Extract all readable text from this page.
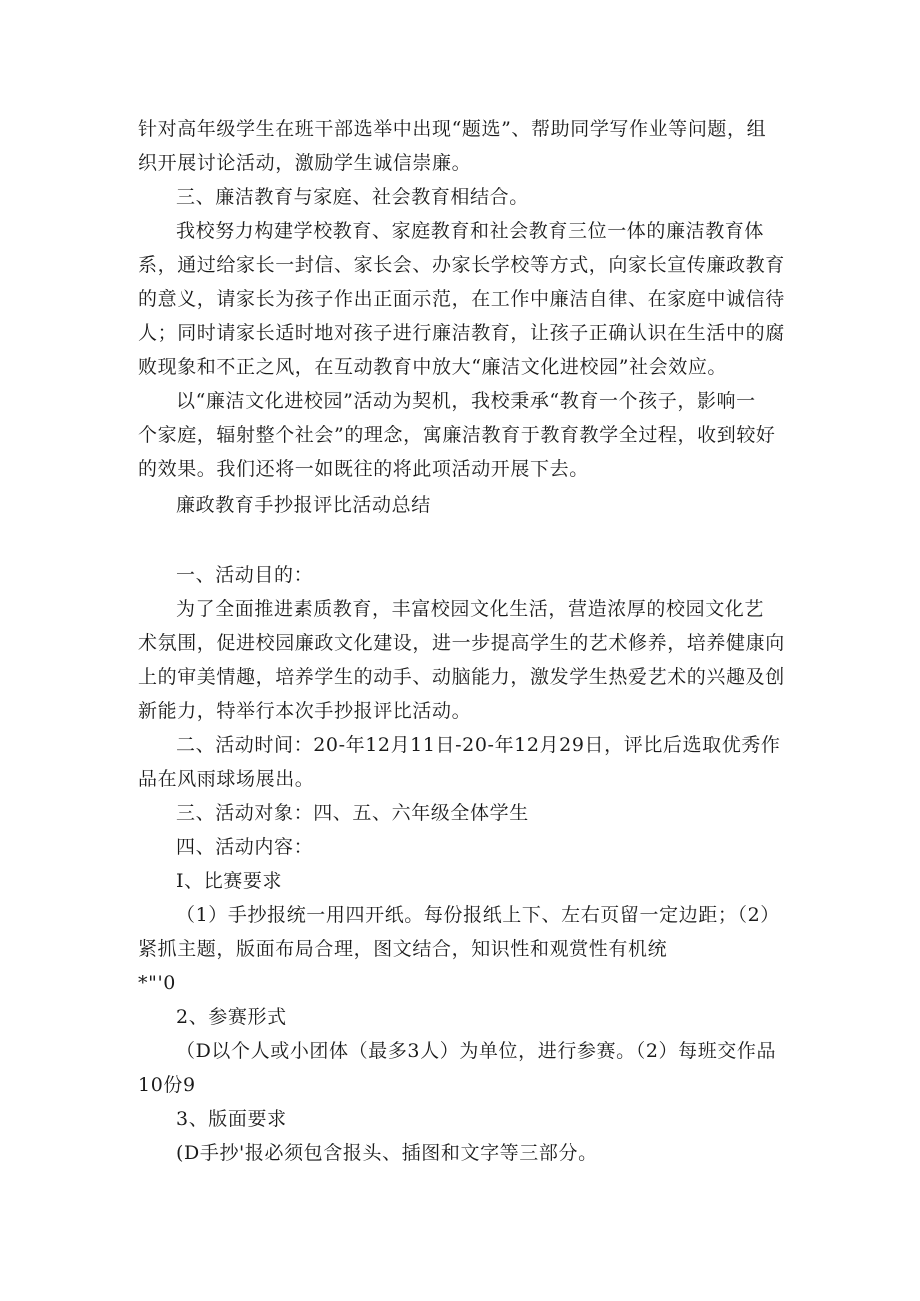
针对高年级学生在班干部选举中出现“题选”、帮助同学写作业等问题，组
织开展讨论活动，激励学生诚信崇廉。
三、廉洁教育与家庭、社会教育相结合。
我校努力构建学校教育、家庭教育和社会教育三位一体的廉洁教育体
系，通过给家长一封信、家长会、办家长学校等方式，向家长宣传廉政教育
的意义，请家长为孩子作出正面示范，在工作中廉洁自律、在家庭中诚信待
人；同时请家长适时地对孩子进行廉洁教育，让孩子正确认识在生活中的腐
败现象和不正之风，在互动教育中放大“廉洁文化进校园”社会效应。
以“廉洁文化进校园”活动为契机，我校秉承“教育一个孩子，影响一
个家庭，辐射整个社会”的理念，寓廉洁教育于教育教学全过程，收到较好
的效果。我们还将一如既往的将此项活动开展下去。
廉政教育手抄报评比活动总结
一、活动目的：
为了全面推进素质教育，丰富校园文化生活，营造浓厚的校园文化艺
术氛围，促进校园廉政文化建设，进一步提高学生的艺术修养，培养健康向
上的审美情趣，培养学生的动手、动脑能力，激发学生热爱艺术的兴趣及创
新能力，特举行本次手抄报评比活动。
二、活动时间：20-年12月11日-20-年12月29日，评比后选取优秀作
品在风雨球场展出。
三、活动对象：四、五、六年级全体学生
四、活动内容：
I、比赛要求
（1）手抄报统一用四开纸。每份报纸上下、左右页留一定边距；（2）
紧抓主题，版面布局合理，图文结合，知识性和观赏性有机统
*"'0
2、参赛形式
（D以个人或小团体（最多3人）为单位，进行参赛。（2）每班交作品
10份9
3、版面要求
(D手抄'报必须包含报头、插图和文字等三部分。
